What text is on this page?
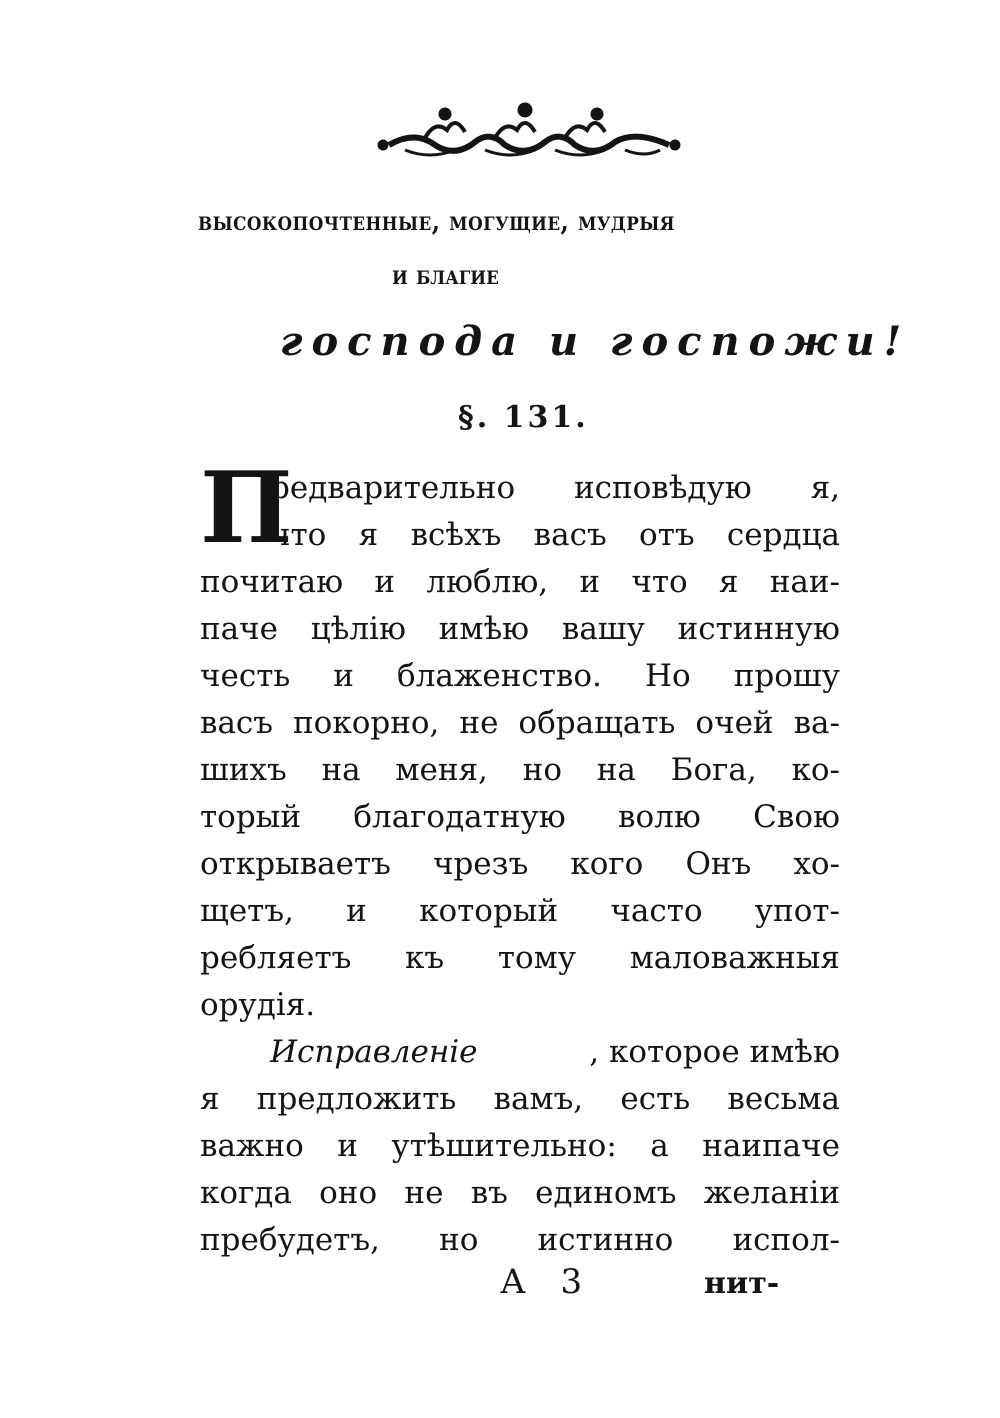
высокопочтенные, могущие, мудрыя
и благие
господа и госпожи!
§. 131.
П
редварительно исповѣдую я,
что я всѣхъ васъ отъ сердца
почитаю и люблю, и что я наи-
паче цѣлію имѣю вашу истинную
честь и блаженство. Но прошу
васъ покорно, не обращать очей ва-
шихъ на меня, но на Бога, ко-
торый благодатную волю Свою
открываетъ чрезъ кого Онъ хо-
щетъ, и который часто упот-
ребляетъ къ тому маловажныя
орудія.
Исправленіе	, которое имѣю
я предложить вамъ, есть весьма
важно и утѣшительно: а наипаче
когда оно не въ единомъ желаніи
пребудетъ, но истинно испол-
А 3	нит-
